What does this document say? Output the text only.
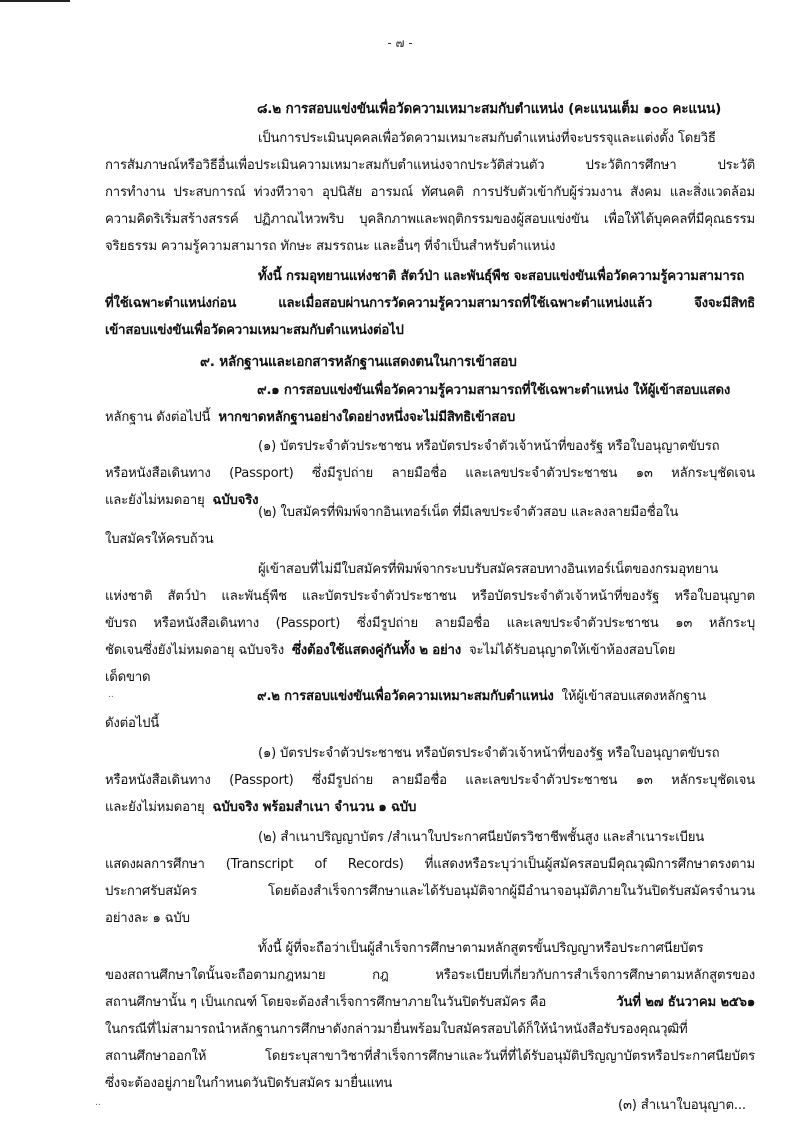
- ๗ -
๘.๒ การสอบแข่งขันเพื่อวัดความเหมาะสมกับตำแหน่ง (คะแนนเต็ม ๑๐๐ คะแนน)
เป็นการประเมินบุคคลเพื่อวัดความเหมาะสมกับตำแหน่งที่จะบรรจุและแต่งตั้ง โดยวิธี
การสัมภาษณ์หรือวิธีอื่นเพื่อประเมินความเหมาะสมกับตำแหน่งจากประวัติส่วนตัว ประวัติการศึกษา ประวัติ
การทำงาน ประสบการณ์ ท่วงทีวาจา อุปนิสัย อารมณ์ ทัศนคติ การปรับตัวเข้ากับผู้ร่วมงาน สังคม และสิ่งแวดล้อม
ความคิดริเริ่มสร้างสรรค์ ปฏิภาณไหวพริบ บุคลิกภาพและพฤติกรรมของผู้สอบแข่งขัน เพื่อให้ได้บุคคลที่มีคุณธรรม
จริยธรรม ความรู้ความสามารถ ทักษะ สมรรถนะ และอื่นๆ ที่จำเป็นสำหรับตำแหน่ง
ทั้งนี้ กรมอุทยานแห่งชาติ สัตว์ป่า และพันธุ์พืช จะสอบแข่งขันเพื่อวัดความรู้ความสามารถ
ที่ใช้เฉพาะตำแหน่งก่อน และเมื่อสอบผ่านการวัดความรู้ความสามารถที่ใช้เฉพาะตำแหน่งแล้ว จึงจะมีสิทธิ
เข้าสอบแข่งขันเพื่อวัดความเหมาะสมกับตำแหน่งต่อไป
๙. หลักฐานและเอกสารหลักฐานแสดงตนในการเข้าสอบ
๙.๑ การสอบแข่งขันเพื่อวัดความรู้ความสามารถที่ใช้เฉพาะตำแหน่ง ให้ผู้เข้าสอบแสดง
หลักฐาน ดังต่อไปนี้ หากขาดหลักฐานอย่างใดอย่างหนึ่งจะไม่มีสิทธิเข้าสอบ
(๑) บัตรประจำตัวประชาชน หรือบัตรประจำตัวเจ้าหน้าที่ของรัฐ หรือใบอนุญาตขับรถ
หรือหนังสือเดินทาง (Passport) ซึ่งมีรูปถ่าย ลายมือชื่อ และเลขประจำตัวประชาชน ๑๓ หลักระบุชัดเจน
และยังไม่หมดอายุ ฉบับจริง
(๒) ใบสมัครที่พิมพ์จากอินเทอร์เน็ต ที่มีเลขประจำตัวสอบ และลงลายมือชื่อใน
ใบสมัครให้ครบถ้วน
ผู้เข้าสอบที่ไม่มีใบสมัครที่พิมพ์จากระบบรับสมัครสอบทางอินเทอร์เน็ตของกรมอุทยาน
แห่งชาติ สัตว์ป่า และพันธุ์พืช และบัตรประจำตัวประชาชน หรือบัตรประจำตัวเจ้าหน้าที่ของรัฐ หรือใบอนุญาต
ขับรถ หรือหนังสือเดินทาง (Passport) ซึ่งมีรูปถ่าย ลายมือชื่อ และเลขประจำตัวประชาชน ๑๓ หลักระบุ
ชัดเจนซึ่งยังไม่หมดอายุ ฉบับจริง ซึ่งต้องใช้แสดงคู่กันทั้ง ๒ อย่าง จะไม่ได้รับอนุญาตให้เข้าห้องสอบโดย
เด็ดขาด
..	๙.๒ การสอบแข่งขันเพื่อวัดความเหมาะสมกับตำแหน่ง ให้ผู้เข้าสอบแสดงหลักฐาน
ดังต่อไปนี้
(๑) บัตรประจำตัวประชาชน หรือบัตรประจำตัวเจ้าหน้าที่ของรัฐ หรือใบอนุญาตขับรถ
หรือหนังสือเดินทาง (Passport) ซึ่งมีรูปถ่าย ลายมือชื่อ และเลขประจำตัวประชาชน ๑๓ หลักระบุชัดเจน
และยังไม่หมดอายุ ฉบับจริง พร้อมสำเนา จำนวน ๑ ฉบับ
(๒) สำเนาปริญญาบัตร /สำเนาใบประกาศนียบัตรวิชาชีพชั้นสูง และสำเนาระเบียน
แสดงผลการศึกษา (Transcript of Records) ที่แสดงหรือระบุว่าเป็นผู้สมัครสอบมีคุณวุฒิการศึกษาตรงตาม
ประกาศรับสมัคร โดยต้องสำเร็จการศึกษาและได้รับอนุมัติจากผู้มีอำนาจอนุมัติภายในวันปิดรับสมัครจำนวน
อย่างละ ๑ ฉบับ
ทั้งนี้ ผู้ที่จะถือว่าเป็นผู้สำเร็จการศึกษาตามหลักสูตรขั้นปริญญาหรือประกาศนียบัตร
ของสถานศึกษาใดนั้นจะถือตามกฎหมาย กฎ หรือระเบียบที่เกี่ยวกับการสำเร็จการศึกษาตามหลักสูตรของ
สถานศึกษานั้น ๆ เป็นเกณฑ์ โดยจะต้องสำเร็จการศึกษาภายในวันปิดรับสมัคร คือ	วันที่ ๒๗ ธันวาคม ๒๕๖๑
ในกรณีที่ไม่สามารถนำหลักฐานการศึกษาดังกล่าวมายื่นพร้อมใบสมัครสอบได้ก็ให้นำหนังสือรับรองคุณวุฒิที่
สถานศึกษาออกให้ โดยระบุสาขาวิชาที่สำเร็จการศึกษาและวันที่ที่ได้รับอนุมัติปริญญาบัตรหรือประกาศนียบัตร
ซึ่งจะต้องอยู่ภายในกำหนดวันปิดรับสมัคร มายื่นแทน
..	(๓) สำเนาใบอนุญาต...
